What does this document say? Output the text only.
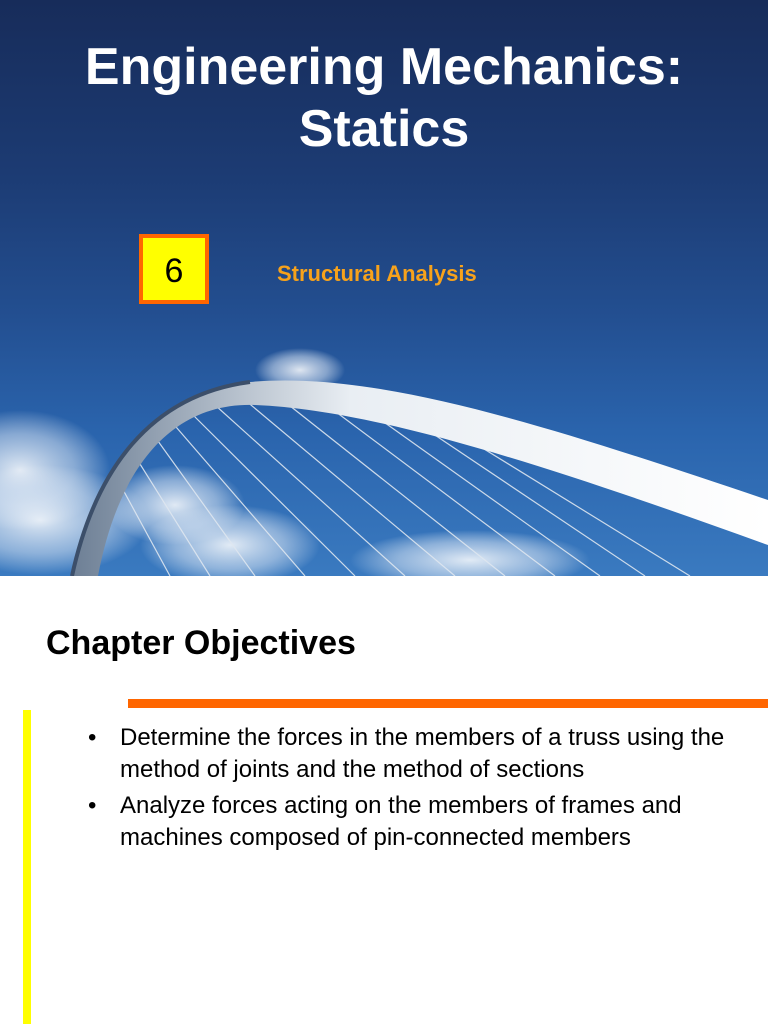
Engineering Mechanics:
Statics
6	Structural Analysis
Chapter Objectives
• Determine the forces in the members of a truss using the method of joints and the method of sections
• Analyze forces acting on the members of frames and machines composed of pin-connected members
